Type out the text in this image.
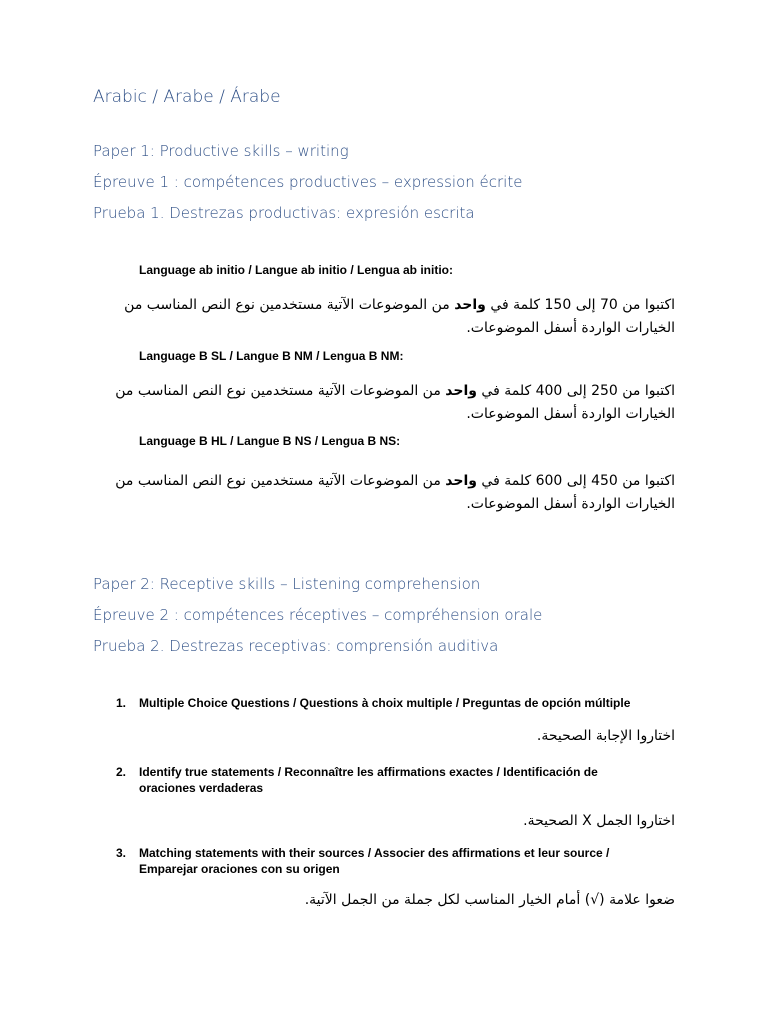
Arabic / Arabe / Árabe

Paper 1: Productive skills – writing

Épreuve 1 : compétences productives – expression écrite

Prueba 1. Destrezas productivas: expresión escrita

Language ab initio / Langue ab initio / Lengua ab initio:

اكتبوا من 70 إلى 150 كلمة في واحد من الموضوعات الآتية مستخدمين نوع النص المناسب من الخيارات الواردة أسفل الموضوعات.

Language B SL / Langue B NM / Lengua B NM:

اكتبوا من 250 إلى 400 كلمة في واحد من الموضوعات الآتية مستخدمين نوع النص المناسب من الخيارات الواردة أسفل الموضوعات.

Language B HL / Langue B NS / Lengua B NS:

اكتبوا من 450 إلى 600 كلمة في واحد من الموضوعات الآتية مستخدمين نوع النص المناسب من الخيارات الواردة أسفل الموضوعات.

Paper 2: Receptive skills – Listening comprehension

Épreuve 2 : compétences réceptives – compréhension orale

Prueba 2. Destrezas receptivas: comprensión auditiva

1. Multiple Choice Questions / Questions à choix multiple / Preguntas de opción múltiple

اختاروا الإجابة الصحيحة.

2. Identify true statements / Reconnaître les affirmations exactes / Identificación de oraciones verdaderas

اختاروا الجمل X الصحيحة.

3. Matching statements with their sources / Associer des affirmations et leur source / Emparejar oraciones con su origen

ضعوا علامة (√) أمام الخيار المناسب لكل جملة من الجمل الآتية.
